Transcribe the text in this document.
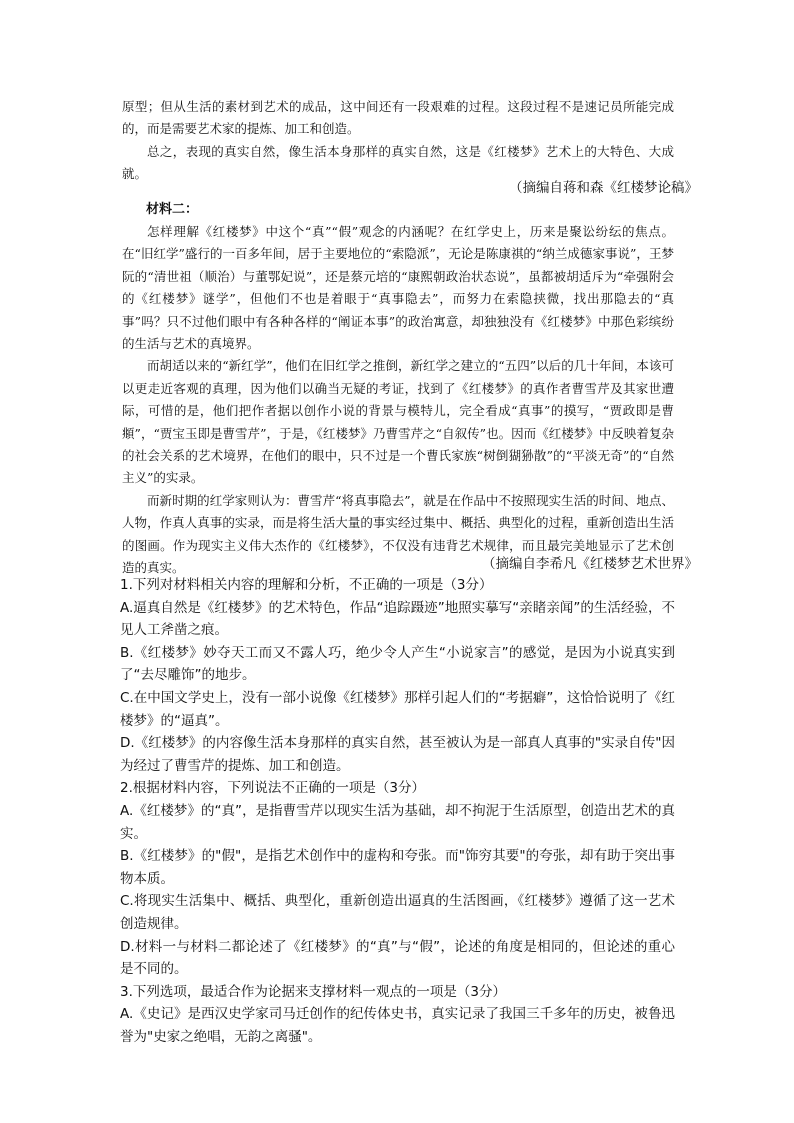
原型；但从生活的素材到艺术的成品，这中间还有一段艰难的过程。这段过程不是速记员所能完成的，而是需要艺术家的提炼、加工和创造。

总之，表现的真实自然，像生活本身那样的真实自然，这是《红楼梦》艺术上的大特色、大成就。

（摘编自蒋和森《红楼梦论稿》
材料二：

怎样理解《红楼梦》中这个“真”“假”观念的内涵呢？在红学史上，历来是聚讼纷纭的焦点。在“旧红学”盛行的一百多年间，居于主要地位的“索隐派”，无论是陈康祺的“纳兰成德家事说”，王梦阮的“清世祖（顺治）与董鄂妃说”，还是蔡元培的“康熙朝政治状态说”，虽都被胡适斥为“牵强附会的《红楼梦》谜学”，但他们不也是着眼于“真事隐去”，而努力在索隐挟微，找出那隐去的“真事”吗？只不过他们眼中有各种各样的“阐证本事”的政治寓意，却独独没有《红楼梦》中那色彩缤纷的生活与艺术的真境界。

而胡适以来的“新红学”，他们在旧红学之推倒，新红学之建立的“五四”以后的几十年间，本该可以更走近客观的真理，因为他们以确当无疑的考证，找到了《红楼梦》的真作者曹雪芹及其家世遭际，可惜的是，他们把作者据以创作小说的背景与模特儿，完全看成“真事”的摸写，“贾政即是曹頫”，“贾宝玉即是曹雪芹”，于是，《红楼梦》乃曹雪芹之“自叙传”也。因而《红楼梦》中反映着复杂的社会关系的艺术境界，在他们的眼中，只不过是一个曹氏家族“树倒猢狲散”的“平淡无奇”的“自然主义”的实录。

而新时期的红学家则认为：曹雪芹“将真事隐去”，就是在作品中不按照现实生活的时间、地点、人物，作真人真事的实录，而是将生活大量的事实经过集中、概括、典型化的过程，重新创造出生活的图画。作为现实主义伟大杰作的《红楼梦》，不仅没有违背艺术规律，而且最完美地显示了艺术创造的真实。	（摘编自李希凡《红楼梦艺术世界》

1.下列对材料相关内容的理解和分析，不正确的一项是（3分）

A.逼真自然是《红楼梦》的艺术特色，作品“追踪蹑迹”地照实摹写“亲睹亲闻”的生活经验，不见人工斧凿之痕。

B.《红楼梦》妙夺天工而又不露人巧，绝少令人产生“小说家言”的感觉，是因为小说真实到了“去尽雕饰”的地步。

C.在中国文学史上，没有一部小说像《红楼梦》那样引起人们的“考据癖”，这恰恰说明了《红楼梦》的“逼真”。

D.《红楼梦》的内容像生活本身那样的真实自然，甚至被认为是一部真人真事的"实录自传"因为经过了曹雪芹的提炼、加工和创造。

2.根据材料内容，下列说法不正确的一项是（3分）

A.《红楼梦》的“真”，是指曹雪芹以现实生活为基础，却不拘泥于生活原型，创造出艺术的真实。

B.《红楼梦》的"假"，是指艺术创作中的虚构和夸张。而"饰穷其要"的夸张，却有助于突出事物本质。

C.将现实生活集中、概括、典型化，重新创造出逼真的生活图画，《红楼梦》遵循了这一艺术创造规律。

D.材料一与材料二都论述了《红楼梦》的“真”与“假”，论述的角度是相同的，但论述的重心是不同的。

3.下列选项，最适合作为论据来支撑材料一观点的一项是（3分）

A.《史记》是西汉史学家司马迁创作的纪传体史书，真实记录了我国三千多年的历史，被鲁迅誉为"史家之绝唱，无韵之离骚"。
